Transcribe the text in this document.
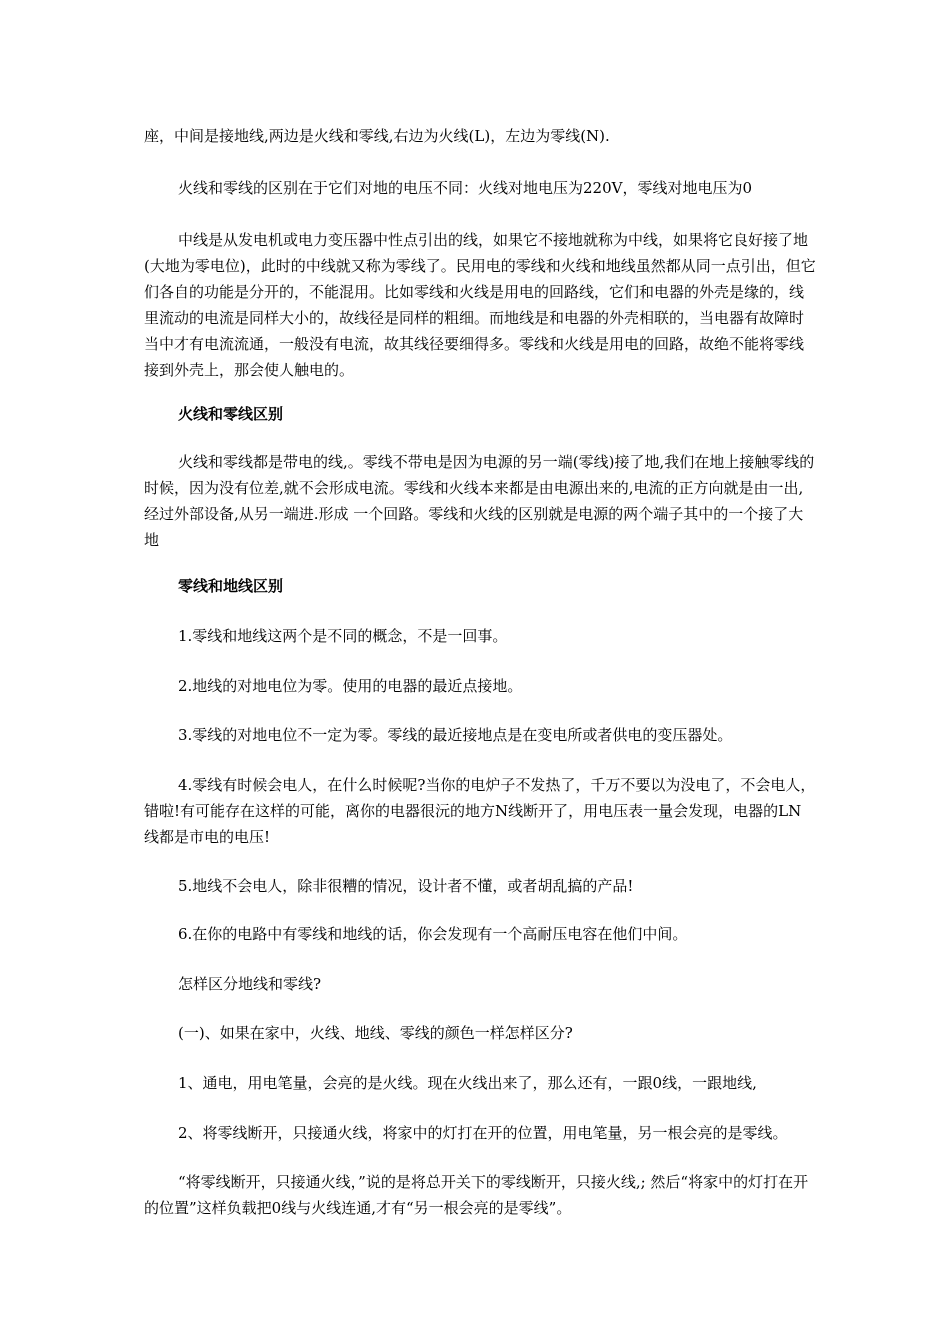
座，中间是接地线,两边是火线和零线,右边为火线(L)，左边为零线(N).

火线和零线的区别在于它们对地的电压不同：火线对地电压为220V，零线对地电压为0

中线是从发电机或电力变压器中性点引出的线，如果它不接地就称为中线，如果将它良好接了地(大地为零电位)，此时的中线就又称为零线了。民用电的零线和火线和地线虽然都从同一点引出，但它们各自的功能是分开的，不能混用。比如零线和火线是用电的回路线，它们和电器的外壳是缘的，线里流动的电流是同样大小的，故线径是同样的粗细。而地线是和电器的外壳相联的，当电器有故障时当中才有电流流通，一般没有电流，故其线径要细得多。零线和火线是用电的回路，故绝不能将零线接到外壳上，那会使人触电的。

火线和零线区别

火线和零线都是带电的线,。零线不带电是因为电源的另一端(零线)接了地,我们在地上接触零线的时候，因为没有位差,就不会形成电流。零线和火线本来都是由电源出来的,电流的正方向就是由一出,经过外部设备,从另一端进.形成 一个回路。零线和火线的区别就是电源的两个端子其中的一个接了大地

零线和地线区别

1.零线和地线这两个是不同的概念，不是一回事。

2.地线的对地电位为零。使用的电器的最近点接地。

3.零线的对地电位不一定为零。零线的最近接地点是在变电所或者供电的变压器处。

4.零线有时候会电人，在什么时候呢?当你的电炉子不发热了，千万不要以为没电了，不会电人，错啦!有可能存在这样的可能，离你的电器很沅的地方N线断开了，用电压表一量会发现，电器的LN线都是市电的电压!

5.地线不会电人，除非很糟的情况，设计者不懂，或者胡乱搞的产品!

6.在你的电路中有零线和地线的话，你会发现有一个高耐压电容在他们中间。

怎样区分地线和零线?

(一)、如果在家中，火线、地线、零线的颜色一样怎样区分?

1、通电，用电笔量，会亮的是火线。现在火线出来了，那么还有，一跟0线，一跟地线,

2、将零线断开，只接通火线，将家中的灯打在开的位置，用电笔量，另一根会亮的是零线。

“将零线断开，只接通火线，”说的是将总开关下的零线断开，只接火线,; 然后“将家中的灯打在开的位置”这样负载把0线与火线连通,才有“另一根会亮的是零线”。
